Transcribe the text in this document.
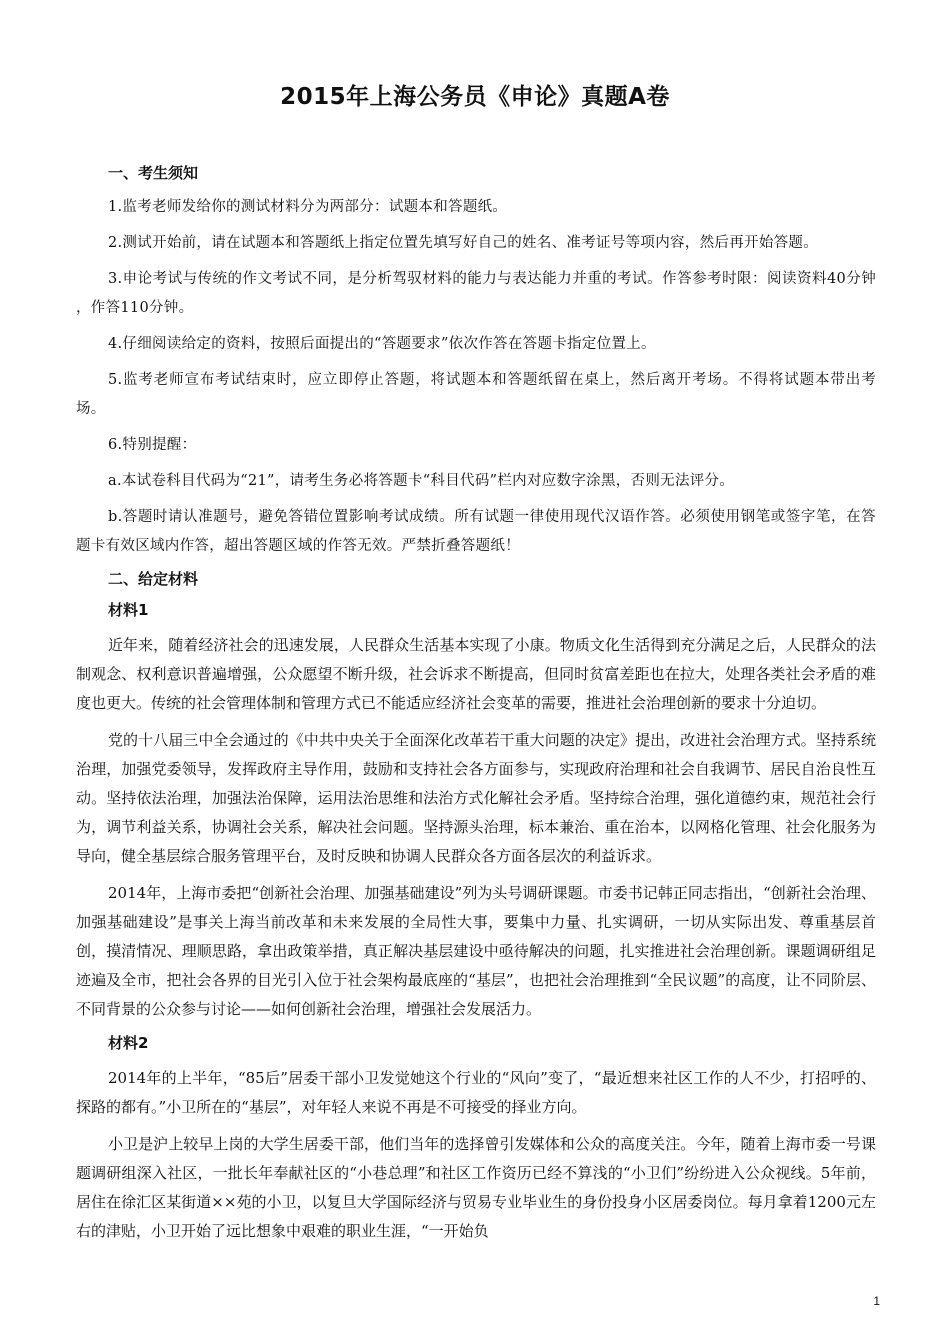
2015年上海公务员《申论》真题A卷
一、考生须知

1.监考老师发给你的测试材料分为两部分：试题本和答题纸。

2.测试开始前，请在试题本和答题纸上指定位置先填写好自己的姓名、准考证号等项内容，然后再开始答题。

3.申论考试与传统的作文考试不同，是分析驾驭材料的能力与表达能力并重的考试。作答参考时限：阅读资料40分钟 ，作答110分钟。

4.仔细阅读给定的资料，按照后面提出的“答题要求”依次作答在答题卡指定位置上。

5.监考老师宣布考试结束时，应立即停止答题，将试题本和答题纸留在桌上，然后离开考场。不得将试题本带出考场。

6.特别提醒：

a.本试卷科目代码为“21”，请考生务必将答题卡“科目代码”栏内对应数字涂黑，否则无法评分。

b.答题时请认准题号，避免答错位置影响考试成绩。所有试题一律使用现代汉语作答。必须使用钢笔或签字笔，在答题卡有效区域内作答，超出答题区域的作答无效。严禁折叠答题纸！

二、给定材料
材料1

近年来，随着经济社会的迅速发展，人民群众生活基本实现了小康。物质文化生活得到充分满足之后，人民群众的法制观念、权利意识普遍增强，公众愿望不断升级，社会诉求不断提高，但同时贫富差距也在拉大，处理各类社会矛盾的难度也更大。传统的社会管理体制和管理方式已不能适应经济社会变革的需要，推进社会治理创新的要求十分迫切。

党的十八届三中全会通过的《中共中央关于全面深化改革若干重大问题的决定》提出，改进社会治理方式。坚持系统治理，加强党委领导，发挥政府主导作用，鼓励和支持社会各方面参与，实现政府治理和社会自我调节、居民自治良性互动。坚持依法治理，加强法治保障，运用法治思维和法治方式化解社会矛盾。坚持综合治理，强化道德约束，规范社会行为，调节利益关系，协调社会关系，解决社会问题。坚持源头治理，标本兼治、重在治本，以网格化管理、社会化服务为导向，健全基层综合服务管理平台，及时反映和协调人民群众各方面各层次的利益诉求。

2014年，上海市委把“创新社会治理、加强基础建设”列为头号调研课题。市委书记韩正同志指出，“创新社会治理、加强基础建设”是事关上海当前改革和未来发展的全局性大事，要集中力量、扎实调研，一切从实际出发、尊重基层首创，摸清情况、理顺思路，拿出政策举措，真正解决基层建设中亟待解决的问题，扎实推进社会治理创新。课题调研组足迹遍及全市，把社会各界的目光引入位于社会架构最底座的“基层”，也把社会治理推到“全民议题”的高度，让不同阶层、不同背景的公众参与讨论——如何创新社会治理，增强社会发展活力。

材料2

2014年的上半年，“85后”居委干部小卫发觉她这个行业的“风向”变了，“最近想来社区工作的人不少，打招呼的、探路的都有。”小卫所在的“基层”，对年轻人来说不再是不可接受的择业方向。

小卫是沪上较早上岗的大学生居委干部，他们当年的选择曾引发媒体和公众的高度关注。今年，随着上海市委一号课题调研组深入社区，一批长年奉献社区的“小巷总理”和社区工作资历已经不算浅的“小卫们”纷纷进入公众视线。5年前，居住在徐汇区某街道××苑的小卫，以复旦大学国际经济与贸易专业毕业生的身份投身小区居委岗位。每月拿着1200元左右的津贴，小卫开始了远比想象中艰难的职业生涯，“一开始负

1
